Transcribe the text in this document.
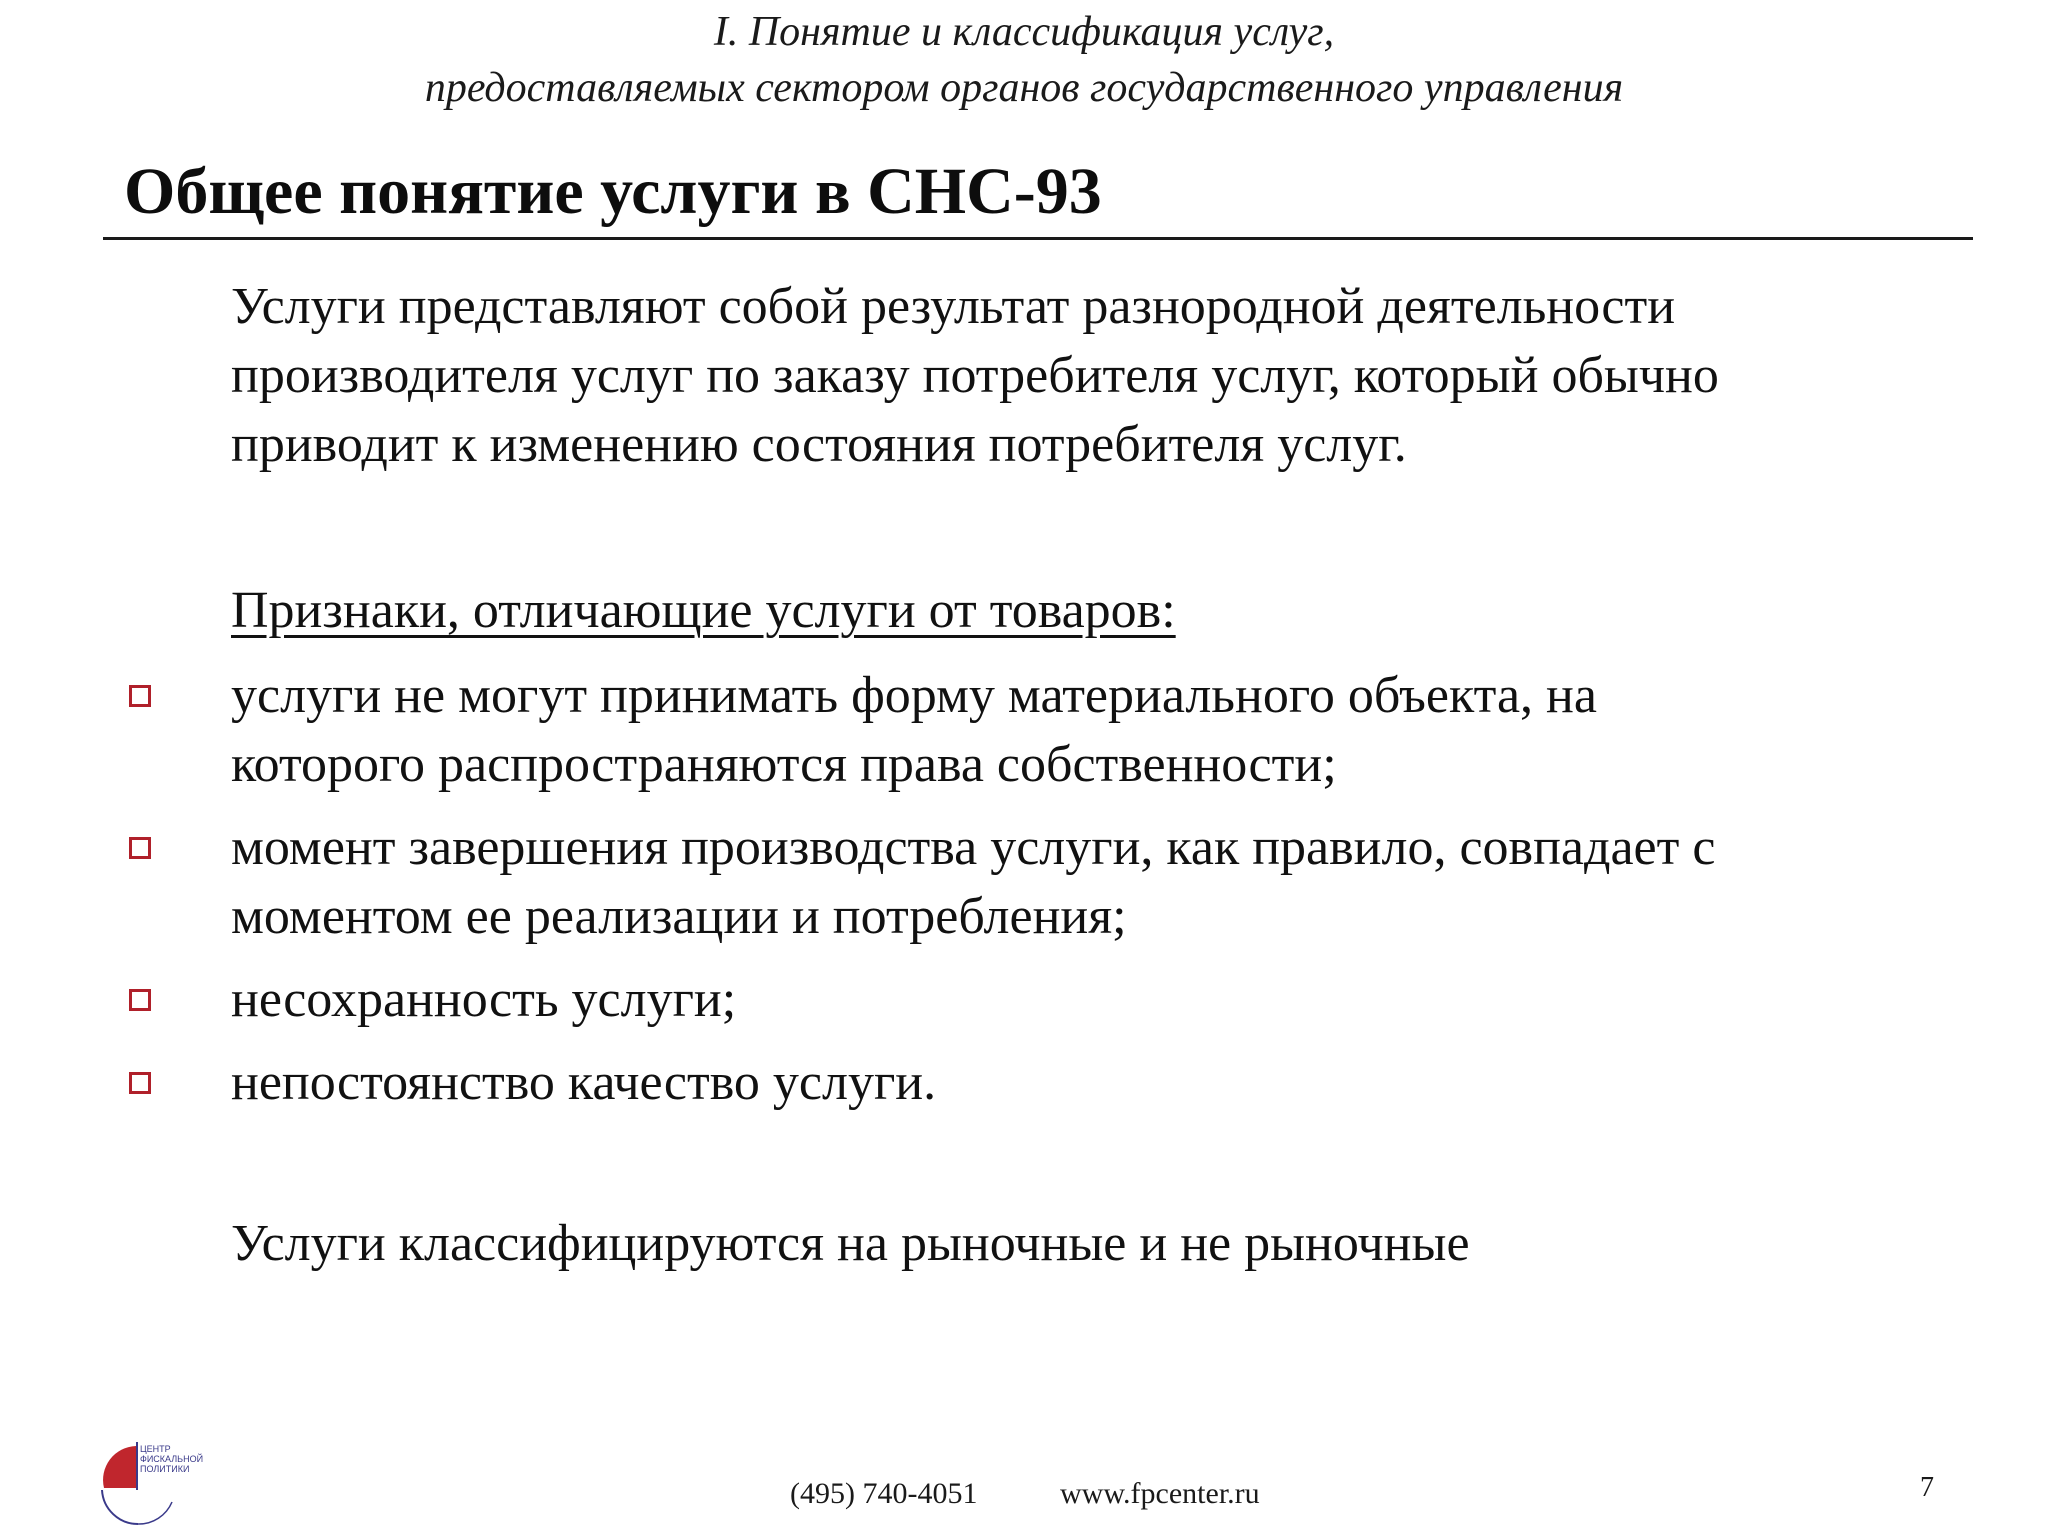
I. Понятие и классификация услуг,
предоставляемых сектором органов государственного управления
Общее понятие услуги в СНС-93
Услуги представляют собой результат разнородной деятельности
производителя услуг по заказу потребителя услуг, который обычно
приводит к изменению состояния потребителя услуг.
Признаки, отличающие услуги от товаров:
услуги не могут принимать форму материального объекта, на
которого распространяются права собственности;
момент завершения производства услуги, как правило, совпадает с
моментом ее реализации и потребления;
несохранность услуги;
непостоянство качество услуги.
Услуги классифицируются на рыночные и не рыночные
ЦЕНТР
ФИСКАЛЬНОЙ
ПОЛИТИКИ
(495) 740-4051	www.fpcenter.ru	7
